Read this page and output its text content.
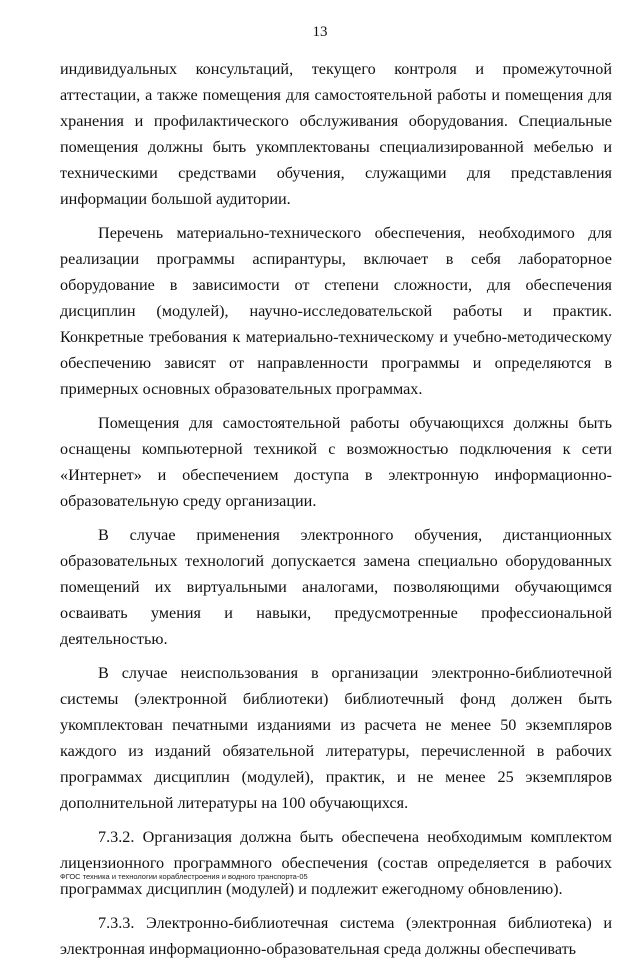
13

индивидуальных консультаций, текущего контроля и промежуточной аттестации, а также помещения для самостоятельной работы и помещения для хранения и профилактического обслуживания оборудования. Специальные помещения должны быть укомплектованы специализированной мебелью и техническими средствами обучения, служащими для представления информации большой аудитории.

Перечень материально-технического обеспечения, необходимого для реализации программы аспирантуры, включает в себя лабораторное оборудование в зависимости от степени сложности, для обеспечения дисциплин (модулей), научно-исследовательской работы и практик. Конкретные требования к материально-техническому и учебно-методическому обеспечению зависят от направленности программы и определяются в примерных основных образовательных программах.

Помещения для самостоятельной работы обучающихся должны быть оснащены компьютерной техникой с возможностью подключения к сети «Интернет» и обеспечением доступа в электронную информационно-образовательную среду организации.

В случае применения электронного обучения, дистанционных образовательных технологий допускается замена специально оборудованных помещений их виртуальными аналогами, позволяющими обучающимся осваивать умения и навыки, предусмотренные профессиональной деятельностью.

В случае неиспользования в организации электронно-библиотечной системы (электронной библиотеки) библиотечный фонд должен быть укомплектован печатными изданиями из расчета не менее 50 экземпляров каждого из изданий обязательной литературы, перечисленной в рабочих программах дисциплин (модулей), практик, и не менее 25 экземпляров дополнительной литературы на 100 обучающихся.

7.3.2. Организация должна быть обеспечена необходимым комплектом лицензионного программного обеспечения (состав определяется в рабочих программах дисциплин (модулей) и подлежит ежегодному обновлению).

7.3.3. Электронно-библиотечная система (электронная библиотека) и электронная информационно-образовательная среда должны обеспечивать

ФГОС техника и технологии кораблестроения и водного транспорта-05
